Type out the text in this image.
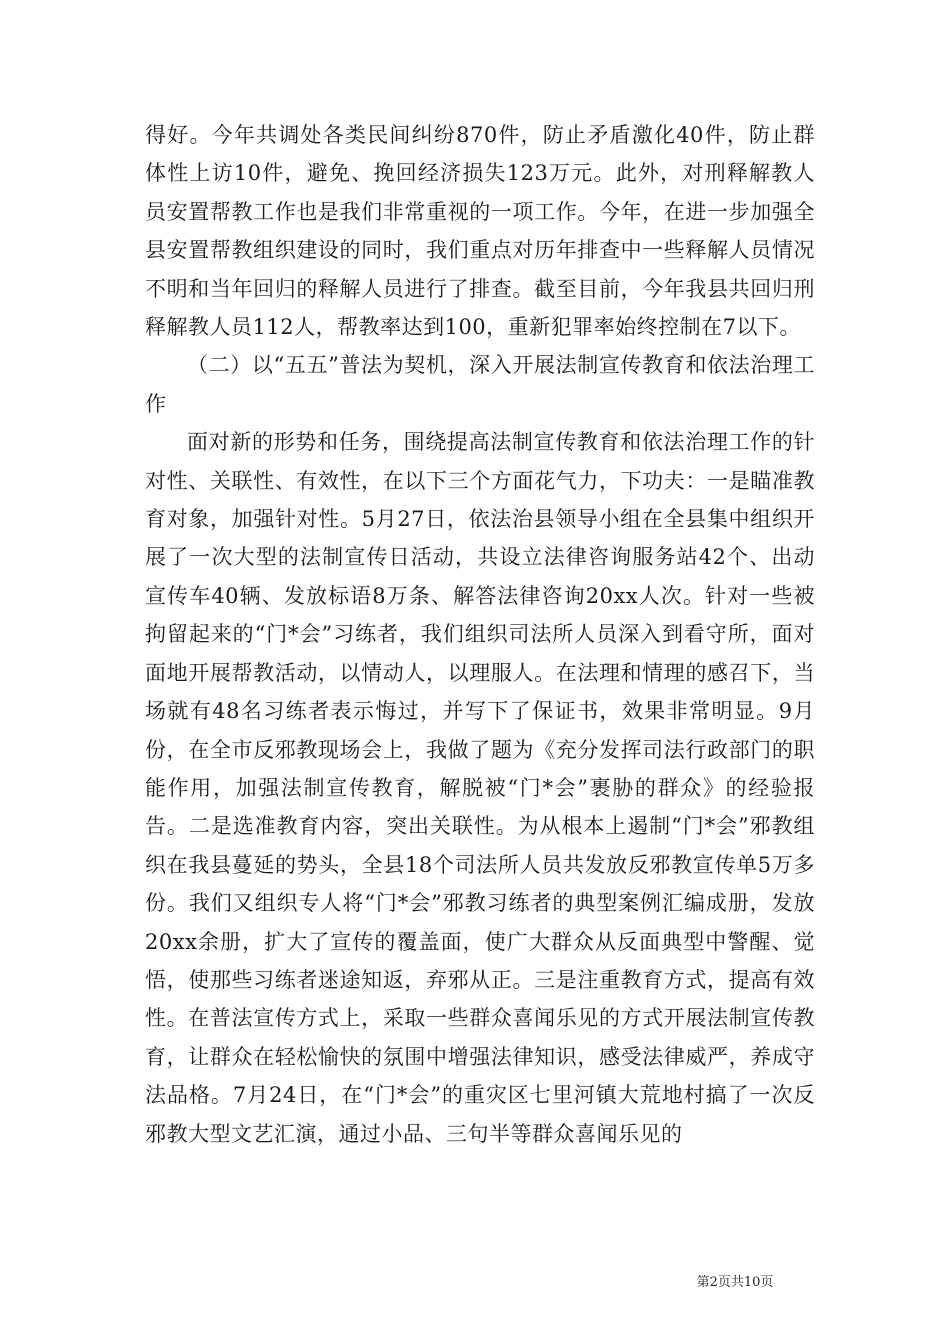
得好。今年共调处各类民间纠纷870件，防止矛盾激化40件，防止群体性上访10件，避免、挽回经济损失123万元。此外，对刑释解教人员安置帮教工作也是我们非常重视的一项工作。今年，在进一步加强全县安置帮教组织建设的同时，我们重点对历年排查中一些释解人员情况不明和当年回归的释解人员进行了排查。截至目前，今年我县共回归刑释解教人员112人，帮教率达到100，重新犯罪率始终控制在7以下。

（二）以“五五”普法为契机，深入开展法制宣传教育和依法治理工作

面对新的形势和任务，围绕提高法制宣传教育和依法治理工作的针对性、关联性、有效性，在以下三个方面花气力，下功夫：一是瞄准教育对象，加强针对性。5月27日，依法治县领导小组在全县集中组织开展了一次大型的法制宣传日活动，共设立法律咨询服务站42个、出动宣传车40辆、发放标语8万条、解答法律咨询20xx人次。针对一些被拘留起来的“门*会”习练者，我们组织司法所人员深入到看守所，面对面地开展帮教活动，以情动人，以理服人。在法理和情理的感召下，当场就有48名习练者表示悔过，并写下了保证书，效果非常明显。9月份，在全市反邪教现场会上，我做了题为《充分发挥司法行政部门的职能作用，加强法制宣传教育，解脱被“门*会”裹胁的群众》的经验报告。二是选准教育内容，突出关联性。为从根本上遏制“门*会”邪教组织在我县蔓延的势头，全县18个司法所人员共发放反邪教宣传单5万多份。我们又组织专人将“门*会”邪教习练者的典型案例汇编成册，发放20xx余册，扩大了宣传的覆盖面，使广大群众从反面典型中警醒、觉悟，使那些习练者迷途知返，弃邪从正。三是注重教育方式，提高有效性。在普法宣传方式上，采取一些群众喜闻乐见的方式开展法制宣传教育，让群众在轻松愉快的氛围中增强法律知识，感受法律威严，养成守法品格。7月24日，在“门*会”的重灾区七里河镇大荒地村搞了一次反邪教大型文艺汇演，通过小品、三句半等群众喜闻乐见的

第2页共10页
